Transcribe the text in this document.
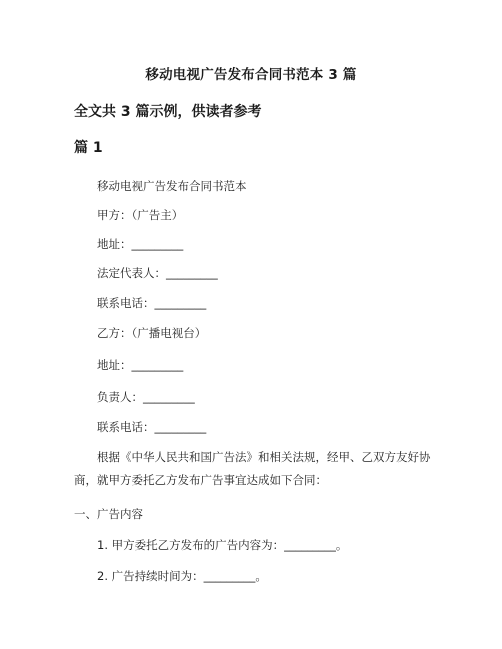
移动电视广告发布合同书范本 3 篇
全文共 3 篇示例，供读者参考
篇 1
移动电视广告发布合同书范本
甲方：（广告主）
地址：_________
法定代表人：_________
联系电话：_________
乙方：（广播电视台）
地址：_________
负责人：_________
联系电话：_________
根据《中华人民共和国广告法》和相关法规，经甲、乙双方友好协商，就甲方委托乙方发布广告事宜达成如下合同：
一、广告内容
1. 甲方委托乙方发布的广告内容为：_________。
2. 广告持续时间为：_________。
